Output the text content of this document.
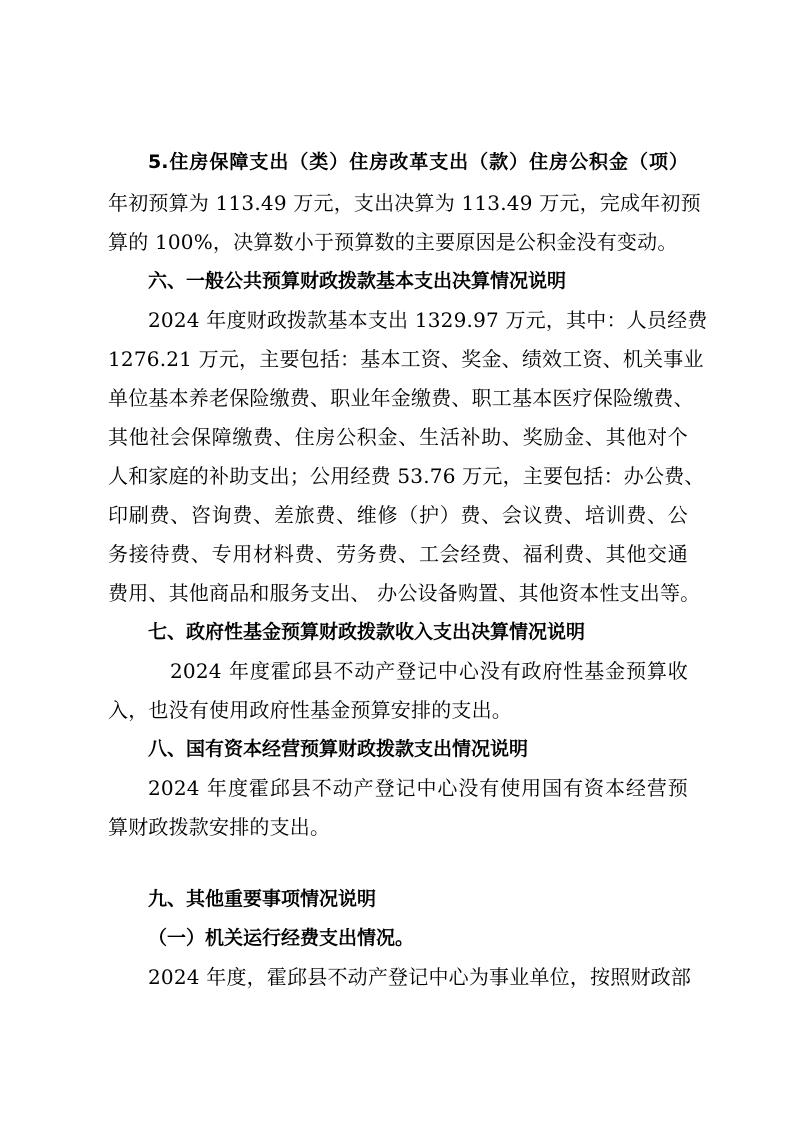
5.住房保障支出（类）住房改革支出（款）住房公积金（项）
年初预算为 113.49 万元，支出决算为 113.49 万元，完成年初预
算的 100%，决算数小于预算数的主要原因是公积金没有变动。
六、一般公共预算财政拨款基本支出决算情况说明
2024 年度财政拨款基本支出 1329.97 万元，其中：人员经费
1276.21 万元，主要包括：基本工资、奖金、绩效工资、机关事业
单位基本养老保险缴费、职业年金缴费、职工基本医疗保险缴费、
其他社会保障缴费、住房公积金、生活补助、奖励金、其他对个
人和家庭的补助支出；公用经费 53.76 万元，主要包括：办公费、
印刷费、咨询费、差旅费、维修（护）费、会议费、培训费、公
务接待费、专用材料费、劳务费、工会经费、福利费、其他交通
费用、其他商品和服务支出、 办公设备购置、其他资本性支出等。
七、政府性基金预算财政拨款收入支出决算情况说明
2024 年度霍邱县不动产登记中心没有政府性基金预算收
入，也没有使用政府性基金预算安排的支出。
八、国有资本经营预算财政拨款支出情况说明
2024 年度霍邱县不动产登记中心没有使用国有资本经营预
算财政拨款安排的支出。
九、其他重要事项情况说明
（一）机关运行经费支出情况。
2024 年度，霍邱县不动产登记中心为事业单位，按照财政部
